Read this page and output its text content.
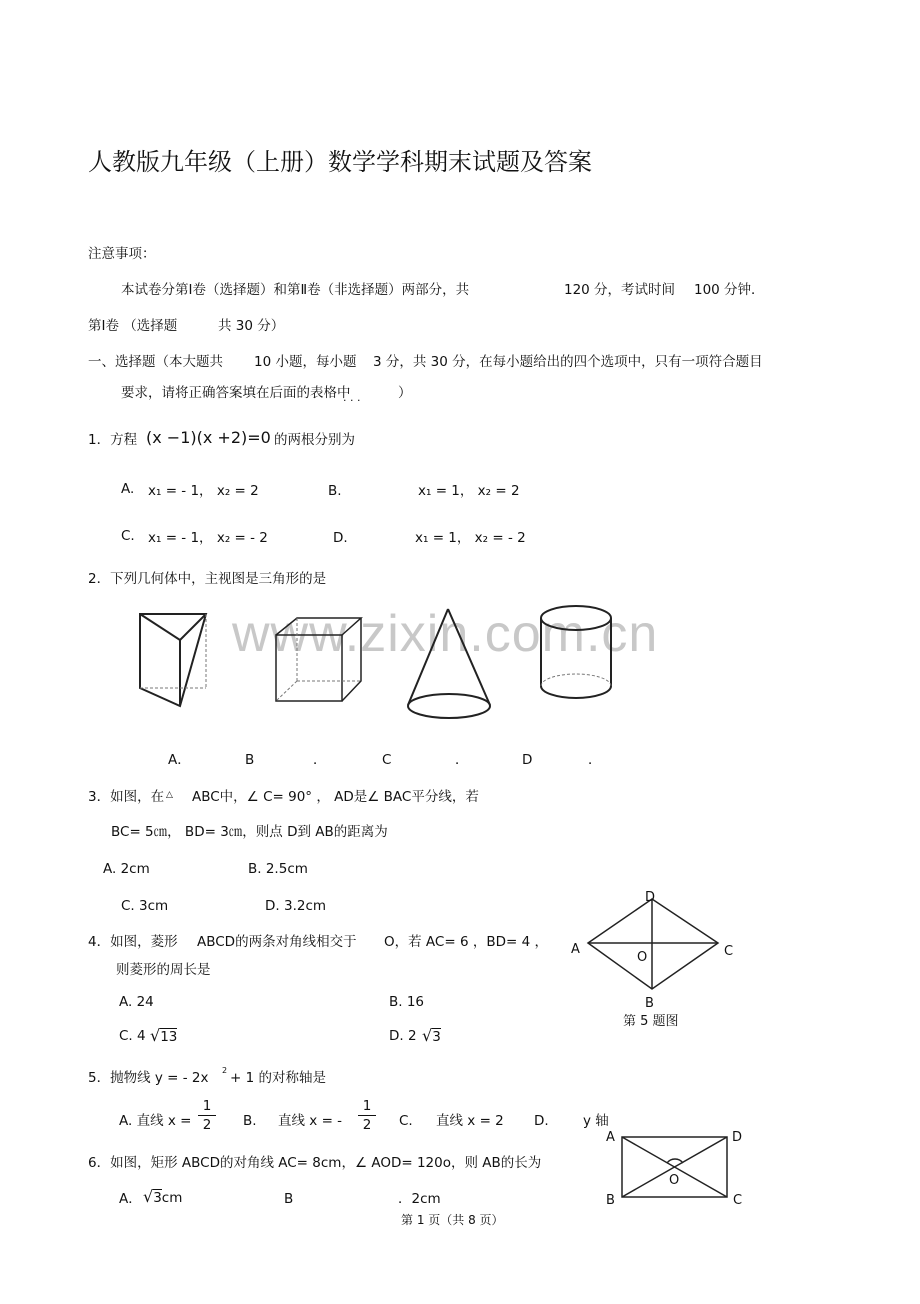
人教版九年级（上册）数学学科期末试题及答案
www.zixin.com.cn
注意事项：
本试卷分第Ⅰ卷（选择题）和第Ⅱ卷（非选择题）两部分，共	120 分，考试时间 100 分钟．
第Ⅰ卷 （选择题	共 30 分）
一、选择题（本大题共 10 小题，每小题 3 分，共 30 分，在每小题给出的四个选项中，只有一项符合题目
要求，请将正确答案填在后面的表格中
· · ·	）
1．方程 (x −1)(x +2)=0 的两根分别为
A. x₁ = - 1， x₂ = 2	B.	x₁ = 1， x₂ = 2
C. x₁ = - 1， x₂ = - 2	D.	x₁ = 1， x₂ = - 2
2．下列几何体中，主视图是三角形的是
A．	B	．	C	．	D	．
3．如图，在 △ ABC中，∠ C= 90° ， AD是∠ BAC平分线，若
BC= 5㎝， BD= 3㎝，则点 D到 AB的距离为
A. 2cm	B. 2.5cm
C. 3cm	D. 3.2cm
4．如图，菱形 ABCD的两条对角线相交于 O，若 AC= 6 ，BD= 4 ，
则菱形的周长是
A. 24	B. 16
C. 4 √13	D. 2 √3
D
A	C
O
B
第 5 题图
5．抛物线 y = - 2x 2 + 1 的对称轴是
A. 直线 x =
1
2	B. 直线 x = -
1
2	C. 直线 x = 2 D.	y 轴
6．如图，矩形 ABCD的对角线 AC= 8cm，∠ AOD= 120o，则 AB的长为
A． √3cm	B	．2cm
A	D
O
B	C
第 1 页（共 8 页）
